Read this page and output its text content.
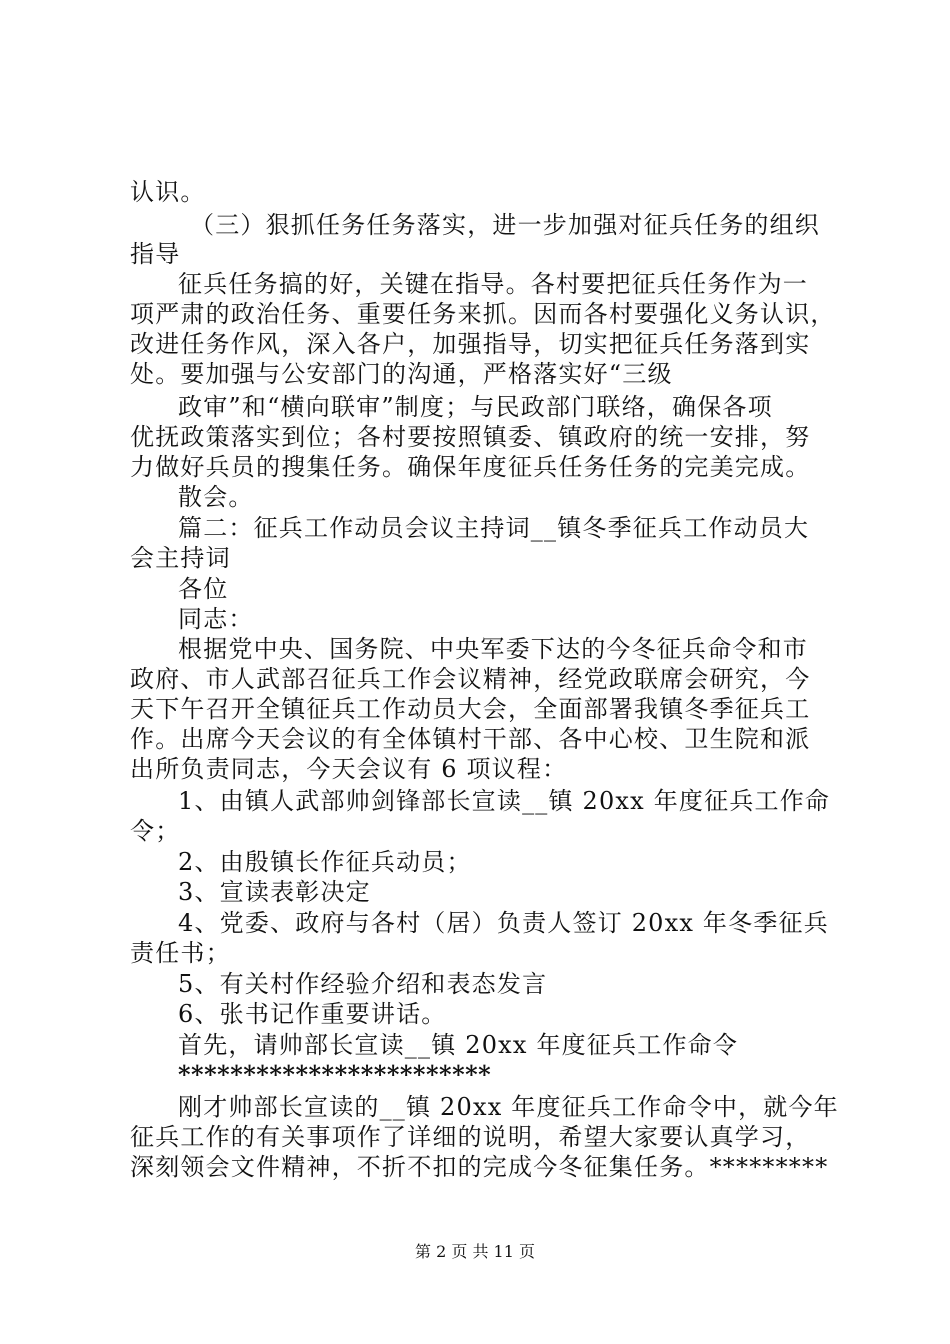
认识。
（三）狠抓任务任务落实，进一步加强对征兵任务的组织
指导
征兵任务搞的好，关键在指导。各村要把征兵任务作为一
项严肃的政治任务、重要任务来抓。因而各村要强化义务认识，
改进任务作风，深入各户，加强指导，切实把征兵任务落到实
处。要加强与公安部门的沟通，严格落实好“三级
政审”和“横向联审”制度；与民政部门联络，确保各项
优抚政策落实到位；各村要按照镇委、镇政府的统一安排，努
力做好兵员的搜集任务。确保年度征兵任务任务的完美完成。
散会。
篇二：征兵工作动员会议主持词__镇冬季征兵工作动员大
会主持词
各位
同志：
根据党中央、国务院、中央军委下达的今冬征兵命令和市
政府、市人武部召征兵工作会议精神，经党政联席会研究，今
天下午召开全镇征兵工作动员大会，全面部署我镇冬季征兵工
作。出席今天会议的有全体镇村干部、各中心校、卫生院和派
出所负责同志，今天会议有 6 项议程：
1、由镇人武部帅剑锋部长宣读__镇 20xx 年度征兵工作命
令；
2、由殷镇长作征兵动员；
3、宣读表彰决定
4、党委、政府与各村（居）负责人签订 20xx 年冬季征兵
责任书；
5、有关村作经验介绍和表态发言
6、张书记作重要讲话。
首先，请帅部长宣读__镇 20xx 年度征兵工作命令
************************
刚才帅部长宣读的__镇 20xx 年度征兵工作命令中，就今年
征兵工作的有关事项作了详细的说明，希望大家要认真学习，
深刻领会文件精神，不折不扣的完成今冬征集任务。*********
第 2 页 共 11 页
